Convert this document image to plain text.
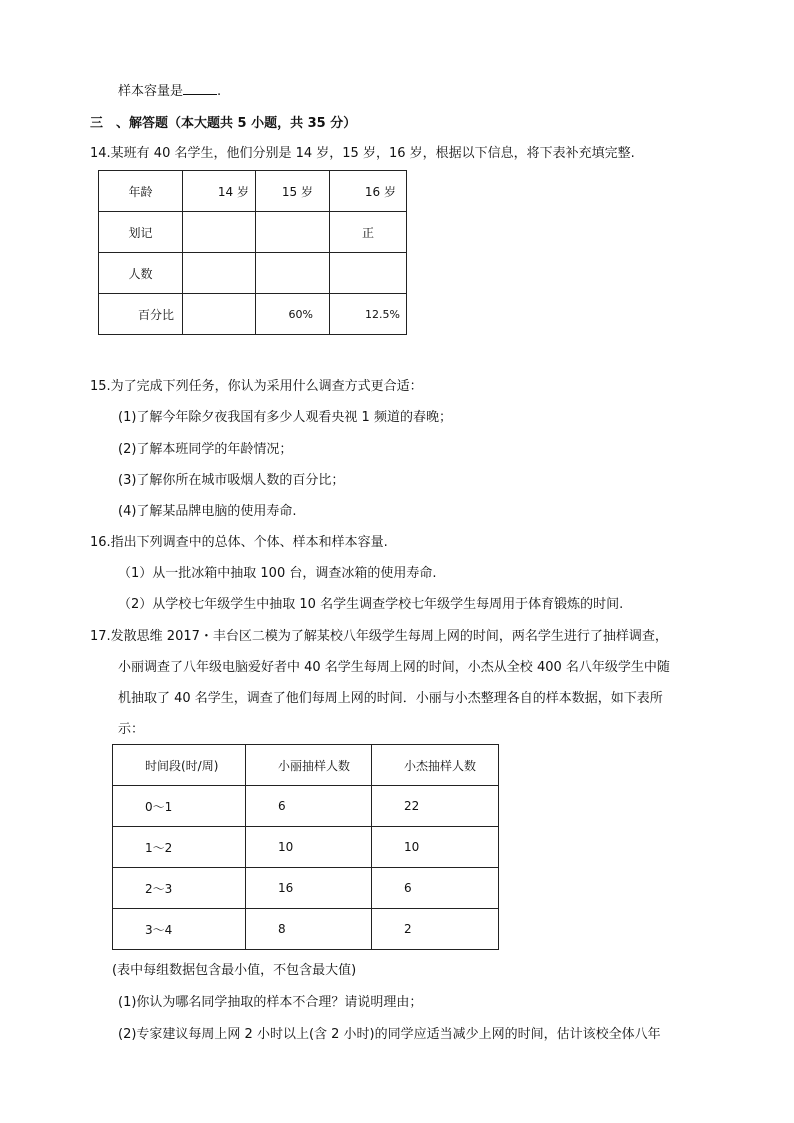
样本容量是	.
三　、解答题（本大题共 5 小题，共 35 分）
14.某班有 40 名学生，他们分别是 14 岁，15 岁，16 岁，根据以下信息，将下表补充填完整.
年龄	14 岁	15 岁	16 岁
划记			正
人数			
百分比		60%	12.5%
15.为了完成下列任务，你认为采用什么调查方式更合适：
(1)了解今年除夕夜我国有多少人观看央视 1 频道的春晚；
(2)了解本班同学的年龄情况；
(3)了解你所在城市吸烟人数的百分比；
(4)了解某品牌电脑的使用寿命.
16.指出下列调查中的总体、个体、样本和样本容量.
（1）从一批冰箱中抽取 100 台，调查冰箱的使用寿命.
（2）从学校七年级学生中抽取 10 名学生调查学校七年级学生每周用于体育锻炼的时间.
17.发散思维 2017・丰台区二模为了解某校八年级学生每周上网的时间，两名学生进行了抽样调查，
小丽调查了八年级电脑爱好者中 40 名学生每周上网的时间，小杰从全校 400 名八年级学生中随
机抽取了 40 名学生，调查了他们每周上网的时间．小丽与小杰整理各自的样本数据，如下表所
示：
时间段(时/周)	小丽抽样人数	小杰抽样人数
0～1	6	22
1～2	10	10
2～3	16	6
3～4	8	2
(表中每组数据包含最小值，不包含最大值)
(1)你认为哪名同学抽取的样本不合理？请说明理由；
(2)专家建议每周上网 2 小时以上(含 2 小时)的同学应适当减少上网的时间，估计该校全体八年
